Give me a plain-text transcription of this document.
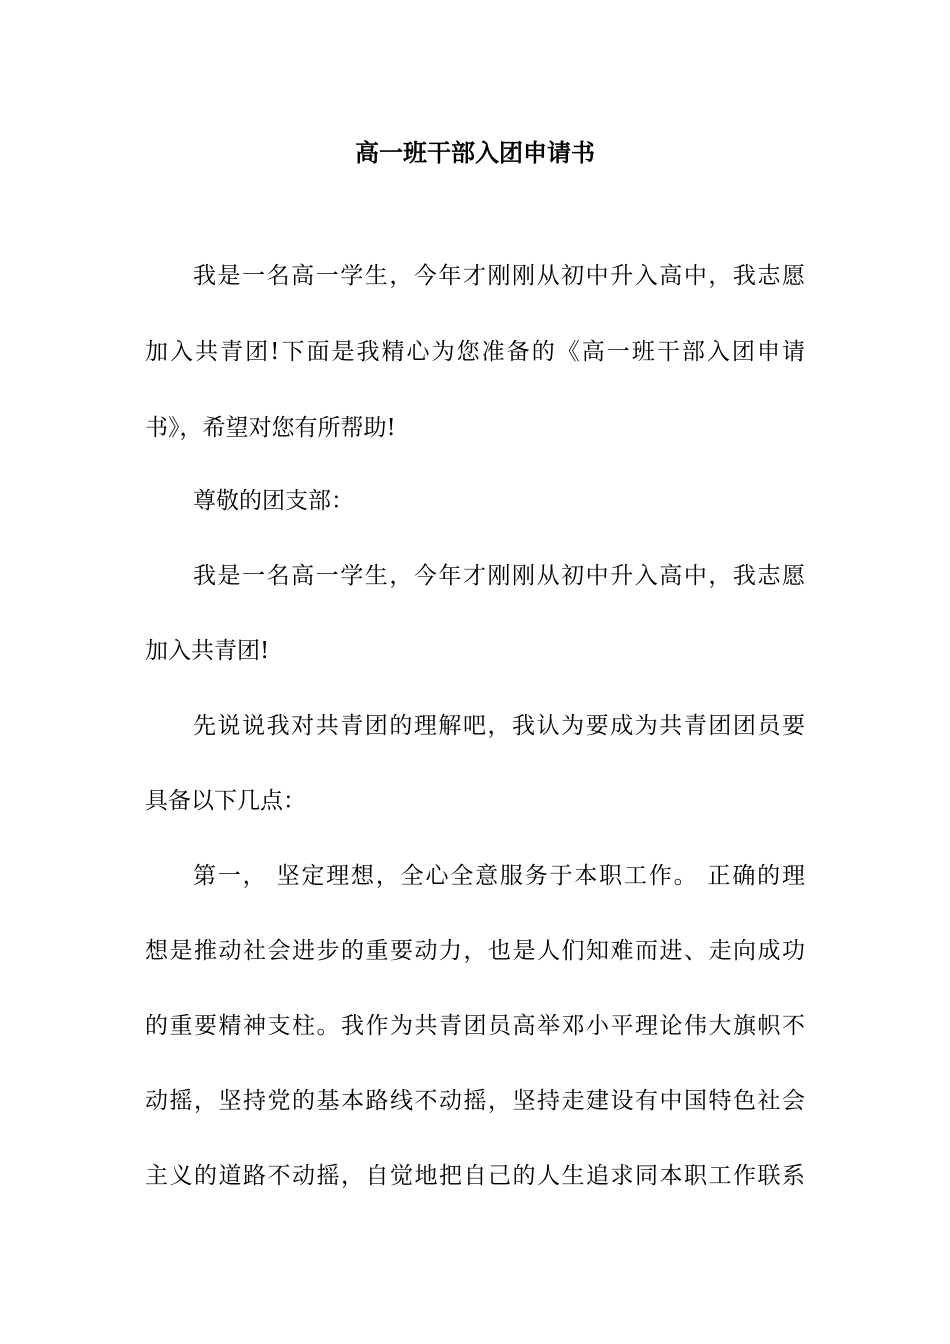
高一班干部入团申请书
我是一名高一学生，今年才刚刚从初中升入高中，我志愿
加入共青团!下面是我精心为您准备的《高一班干部入团申请
书》，希望对您有所帮助!
尊敬的团支部：
我是一名高一学生，今年才刚刚从初中升入高中，我志愿
加入共青团!
先说说我对共青团的理解吧，我认为要成为共青团团员要
具备以下几点：
第一， 坚定理想，全心全意服务于本职工作。 正确的理
想是推动社会进步的重要动力，也是人们知难而进、走向成功
的重要精神支柱。我作为共青团员高举邓小平理论伟大旗帜不
动摇，坚持党的基本路线不动摇，坚持走建设有中国特色社会
主义的道路不动摇，自觉地把自己的人生追求同本职工作联系
